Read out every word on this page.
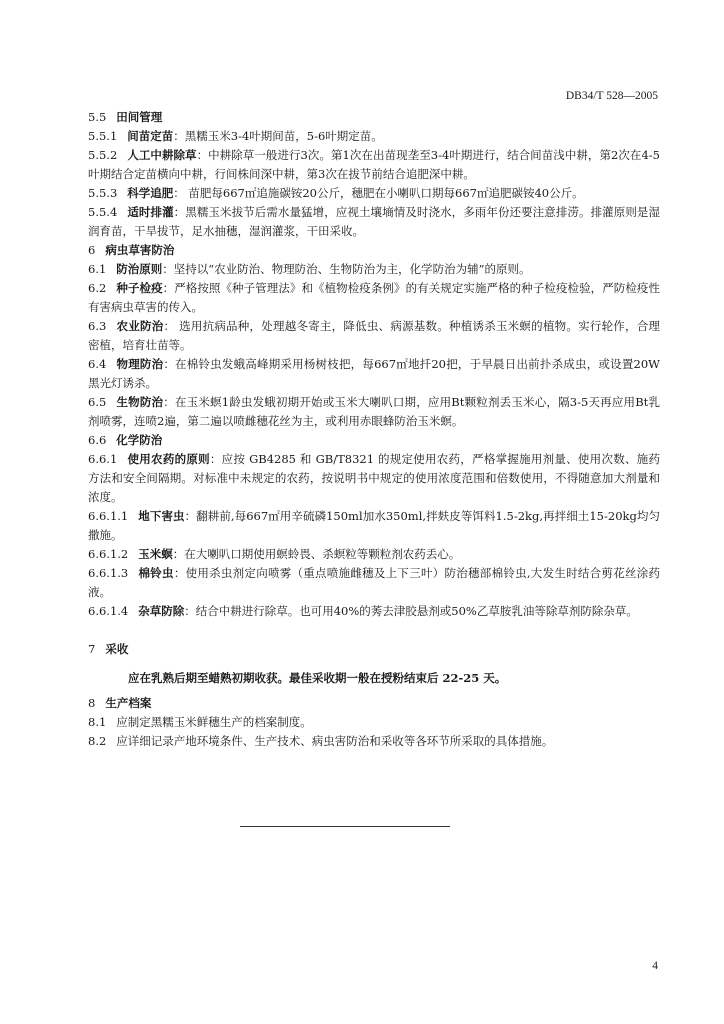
DB34/T 528—2005

5.5 田间管理

5.5.1 间苗定苗：黑糯玉米3-4叶期间苗，5-6叶期定苗。

5.5.2 人工中耕除草：中耕除草一般进行3次。第1次在出苗现垄至3-4叶期进行，结合间苗浅中耕，第2次在4-5叶期结合定苗横向中耕，行间株间深中耕，第3次在拔节前结合追肥深中耕。

5.5.3 科学追肥： 苗肥每667㎡追施碳铵20公斤，穗肥在小喇叭口期每667㎡追肥碳铵40公斤。

5.5.4 适时排灌：黑糯玉米拔节后需水量猛增，应视土壤墒情及时浇水，多雨年份还要注意排涝。排灌原则是湿润育苗，干旱拔节，足水抽穗，湿润灌浆，干田采收。

6 病虫草害防治

6.1 防治原则：坚持以“农业防治、物理防治、生物防治为主，化学防治为辅”的原则。

6.2 种子检疫：严格按照《种子管理法》和《植物检疫条例》的有关规定实施严格的种子检疫检验，严防检疫性有害病虫草害的传入。

6.3 农业防治： 选用抗病品种，处理越冬寄主，降低虫、病源基数。种植诱杀玉米螟的植物。实行轮作，合理密植，培育壮苗等。

6.4 物理防治：在棉铃虫发蛾高峰期采用杨树枝把，每667㎡地扦20把，于早晨日出前扑杀成虫，或设置20W黑光灯诱杀。

6.5 生物防治：在玉米螟1龄虫发蛾初期开始或玉米大喇叭口期，应用Bt颗粒剂丢玉米心，隔3-5天再应用Bt乳剂喷雾，连喷2遍，第二遍以喷雌穗花丝为主，或利用赤眼蜂防治玉米螟。

6.6 化学防治

6.6.1 使用农药的原则：应按 GB4285 和 GB/T8321 的规定使用农药，严格掌握施用剂量、使用次数、施药方法和安全间隔期。对标准中未规定的农药，按说明书中规定的使用浓度范围和倍数使用，不得随意加大剂量和浓度。

6.6.1.1 地下害虫：翻耕前,每667㎡用辛硫磷150ml加水350ml,拌麸皮等饵料1.5-2kg,再拌细土15-20kg均匀撒施。

6.6.1.2 玉米螟：在大喇叭口期使用螟蛉畏、杀螟粒等颗粒剂农药丢心。

6.6.1.3 棉铃虫：使用杀虫剂定向喷雾（重点喷施雌穗及上下三叶）防治穗部棉铃虫,大发生时结合剪花丝涂药液。

6.6.1.4 杂草防除：结合中耕进行除草。也可用40%的莠去津胶悬剂或50%乙草胺乳油等除草剂防除杂草。

7 采收

应在乳熟后期至蜡熟初期收获。最佳采收期一般在授粉结束后 22-25 天。

8 生产档案

8.1 应制定黑糯玉米鲜穗生产的档案制度。

8.2 应详细记录产地环境条件、生产技术、病虫害防治和采收等各环节所采取的具体措施。

4
